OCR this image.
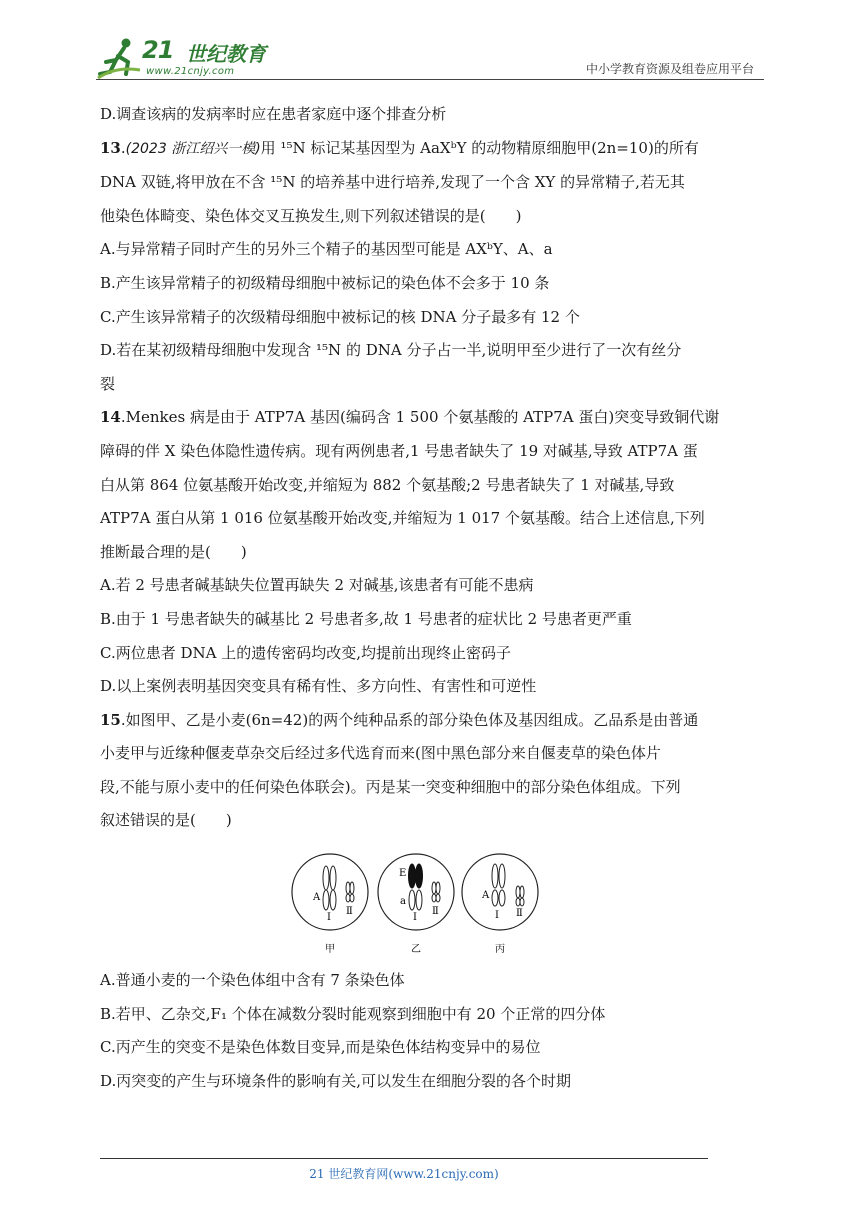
21 世纪教育
www.21cnjy.com	中小学教育资源及组卷应用平台

D.调查该病的发病率时应在患者家庭中逐个排查分析

13.(2023 浙江绍兴一模)用 ¹⁵N 标记某基因型为 AaXᵇY 的动物精原细胞甲(2n=10)的所有

DNA 双链,将甲放在不含 ¹⁵N 的培养基中进行培养,发现了一个含 XY 的异常精子,若无其

他染色体畸变、染色体交叉互换发生,则下列叙述错误的是(　　)

A.与异常精子同时产生的另外三个精子的基因型可能是 AXᵇY、A、a

B.产生该异常精子的初级精母细胞中被标记的染色体不会多于 10 条

C.产生该异常精子的次级精母细胞中被标记的核 DNA 分子最多有 12 个

D.若在某初级精母细胞中发现含 ¹⁵N 的 DNA 分子占一半,说明甲至少进行了一次有丝分

裂

14.Menkes 病是由于 ATP7A 基因(编码含 1 500 个氨基酸的 ATP7A 蛋白)突变导致铜代谢

障碍的伴 X 染色体隐性遗传病。现有两例患者,1 号患者缺失了 19 对碱基,导致 ATP7A 蛋

白从第 864 位氨基酸开始改变,并缩短为 882 个氨基酸;2 号患者缺失了 1 对碱基,导致

ATP7A 蛋白从第 1 016 位氨基酸开始改变,并缩短为 1 017 个氨基酸。结合上述信息,下列

推断最合理的是(　　)

A.若 2 号患者碱基缺失位置再缺失 2 对碱基,该患者有可能不患病

B.由于 1 号患者缺失的碱基比 2 号患者多,故 1 号患者的症状比 2 号患者更严重

C.两位患者 DNA 上的遗传密码均改变,均提前出现终止密码子

D.以上案例表明基因突变具有稀有性、多方向性、有害性和可逆性

15.如图甲、乙是小麦(6n=42)的两个纯种品系的部分染色体及基因组成。乙品系是由普通

小麦甲与近缘种偃麦草杂交后经过多代选育而来(图中黑色部分来自偃麦草的染色体片

段,不能与原小麦中的任何染色体联会)。丙是某一突变种细胞中的部分染色体组成。下列

叙述错误的是(　　)

A
Ⅰ
Ⅱ
甲
E
a
Ⅰ
Ⅱ
乙
A
Ⅰ Ⅱ
丙

A.普通小麦的一个染色体组中含有 7 条染色体

B.若甲、乙杂交,F₁ 个体在减数分裂时能观察到细胞中有 20 个正常的四分体

C.丙产生的突变不是染色体数目变异,而是染色体结构变异中的易位

D.丙突变的产生与环境条件的影响有关,可以发生在细胞分裂的各个时期

21 世纪教育网(www.21cnjy.com)
